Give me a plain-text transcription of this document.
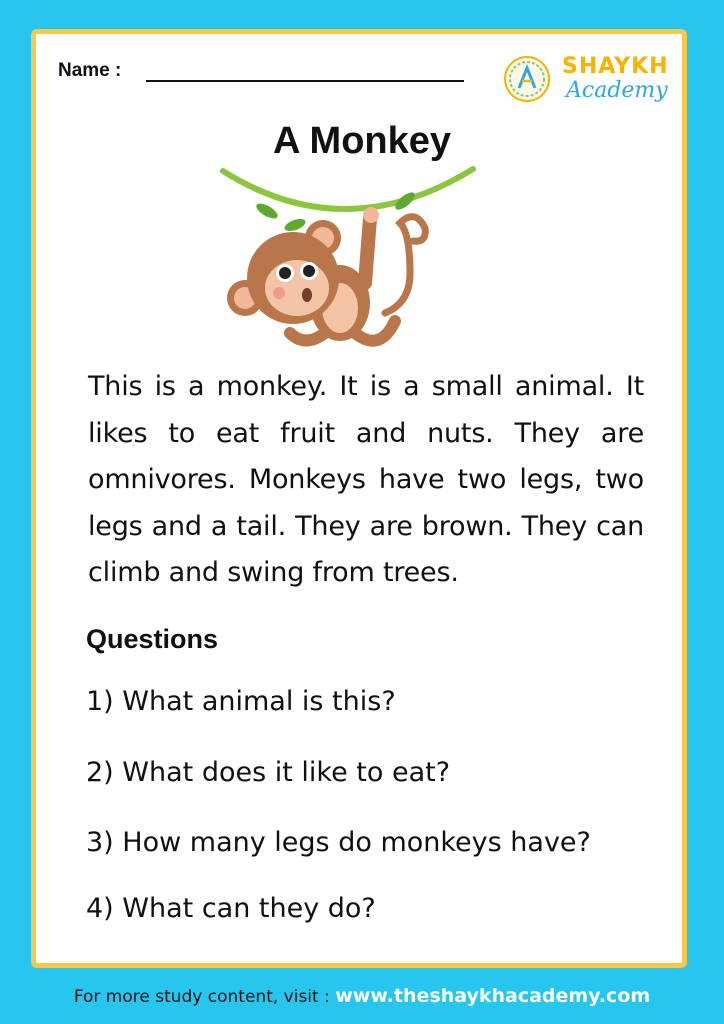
Name :	SHAYKH
Academy
A Monkey
This is a monkey. It is a small animal. It likes to eat fruit and nuts. They are omnivores. Monkeys have two legs, two legs and a tail. They are brown. They can climb and swing from trees.
Questions
1) What animal is this?
2) What does it like to eat?
3) How many legs do monkeys have?
4) What can they do?
For more study content, visit : www.theshaykhacademy.com
